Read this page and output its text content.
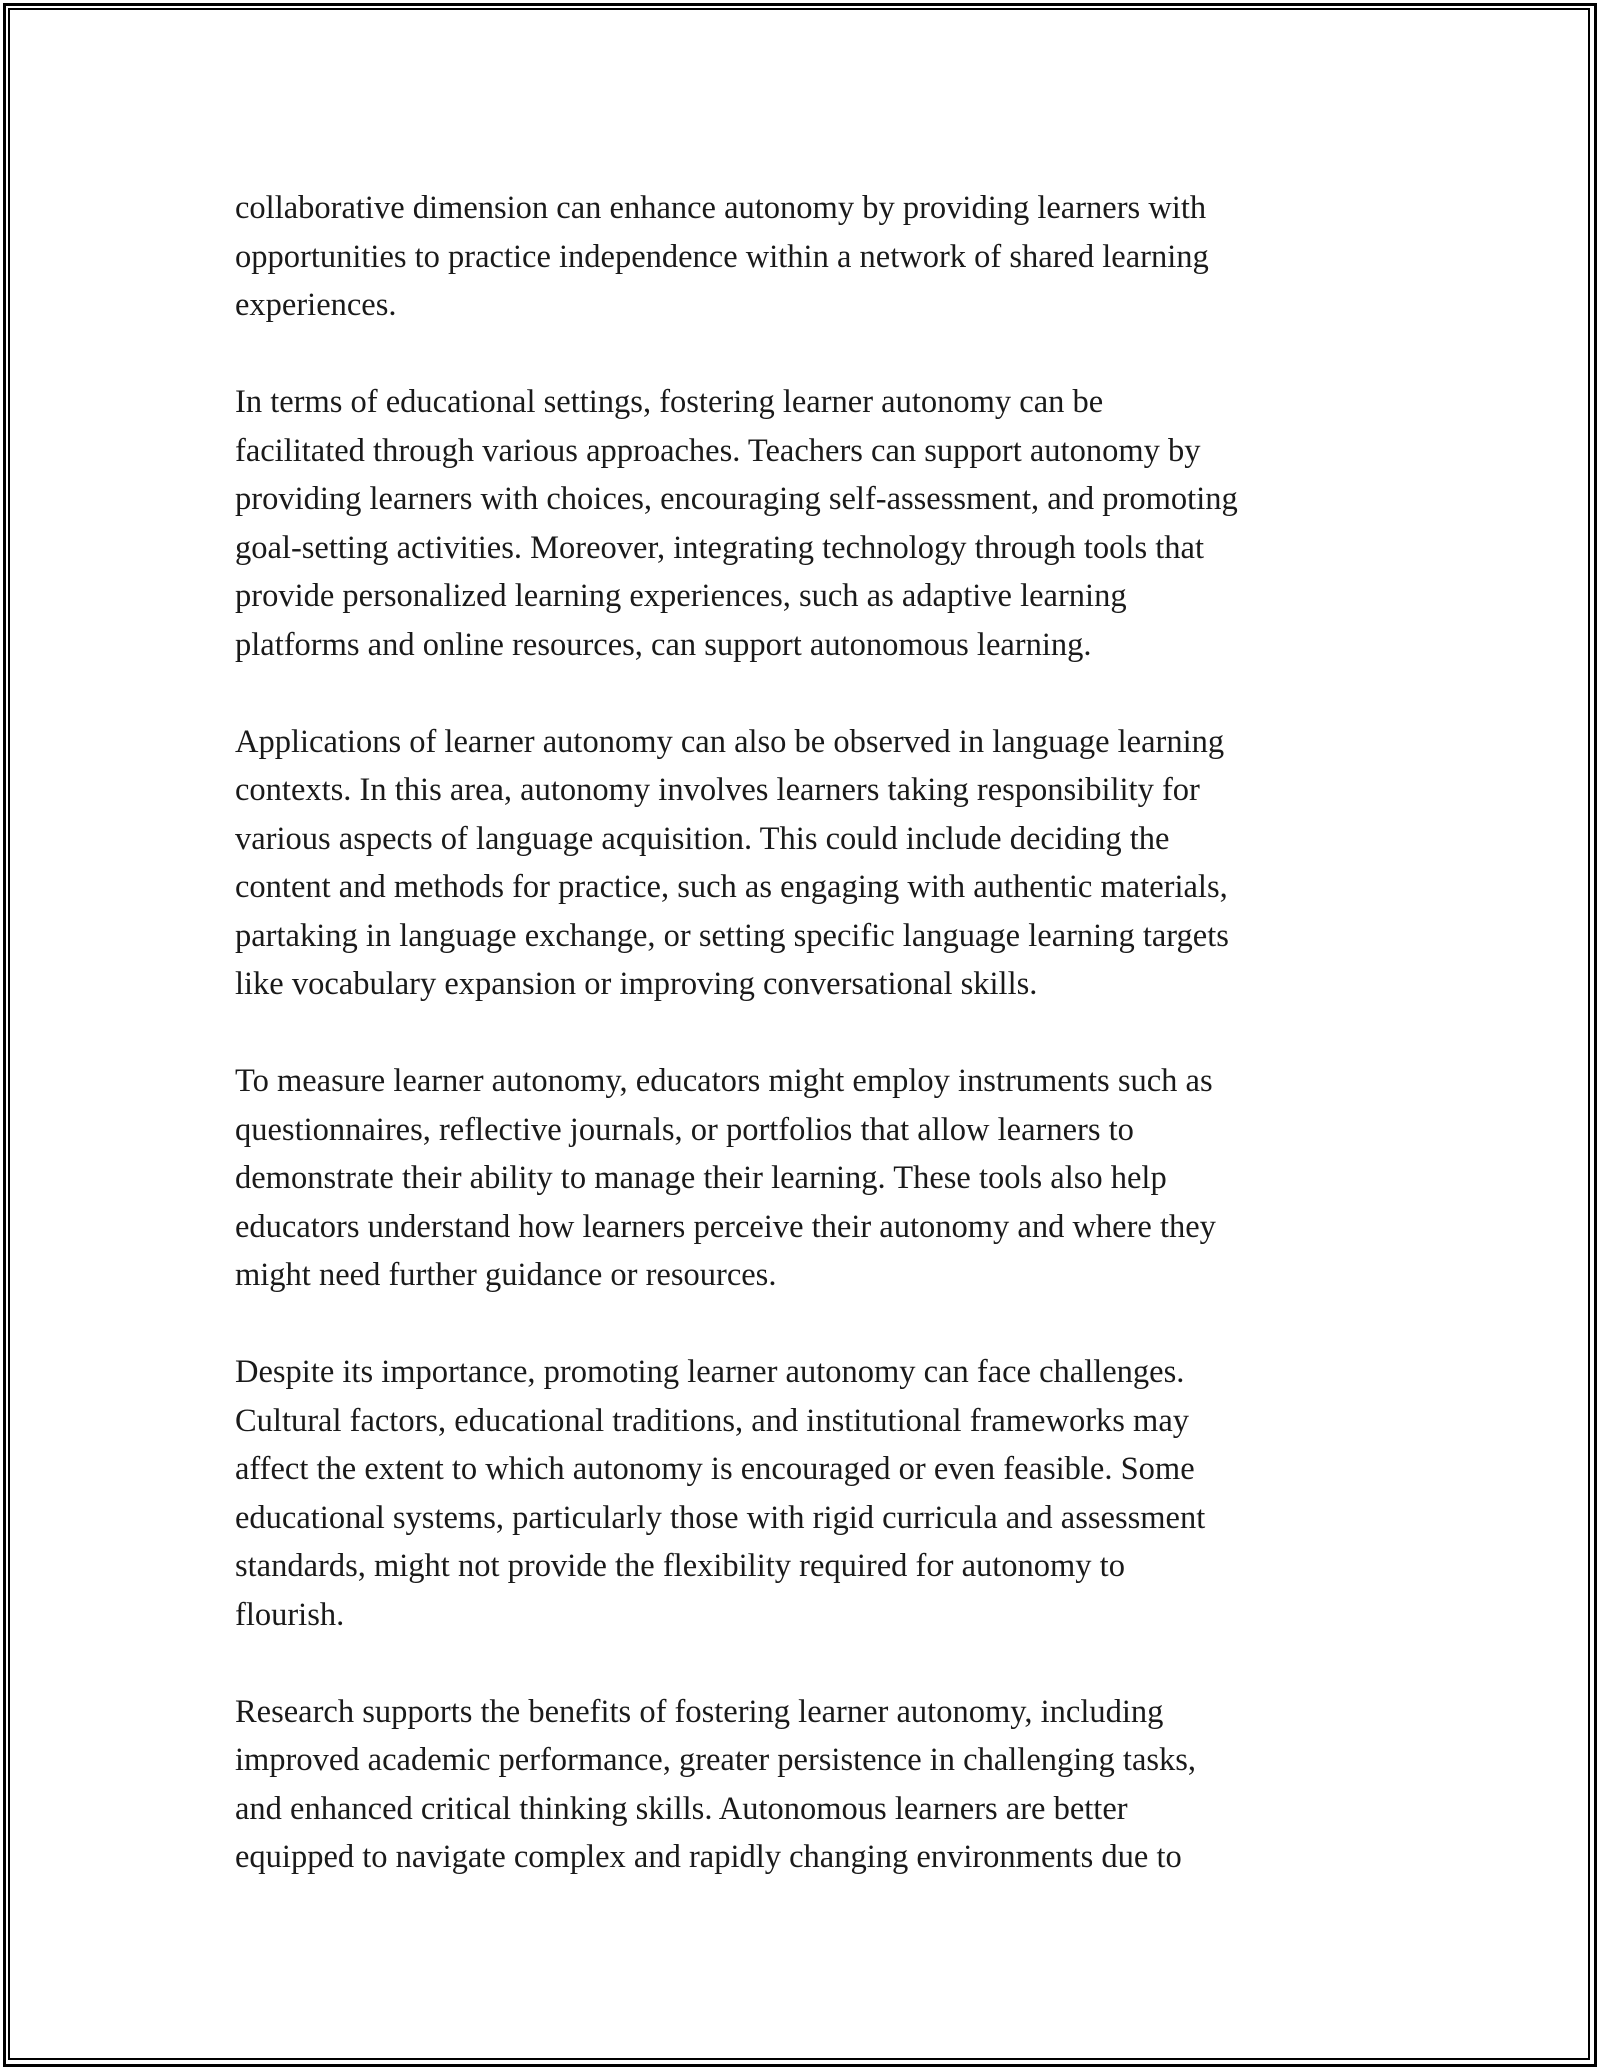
collaborative dimension can enhance autonomy by providing learners with
opportunities to practice independence within a network of shared learning
experiences.

In terms of educational settings, fostering learner autonomy can be
facilitated through various approaches. Teachers can support autonomy by
providing learners with choices, encouraging self-assessment, and promoting
goal-setting activities. Moreover, integrating technology through tools that
provide personalized learning experiences, such as adaptive learning
platforms and online resources, can support autonomous learning.

Applications of learner autonomy can also be observed in language learning
contexts. In this area, autonomy involves learners taking responsibility for
various aspects of language acquisition. This could include deciding the
content and methods for practice, such as engaging with authentic materials,
partaking in language exchange, or setting specific language learning targets
like vocabulary expansion or improving conversational skills.

To measure learner autonomy, educators might employ instruments such as
questionnaires, reflective journals, or portfolios that allow learners to
demonstrate their ability to manage their learning. These tools also help
educators understand how learners perceive their autonomy and where they
might need further guidance or resources.

Despite its importance, promoting learner autonomy can face challenges.
Cultural factors, educational traditions, and institutional frameworks may
affect the extent to which autonomy is encouraged or even feasible. Some
educational systems, particularly those with rigid curricula and assessment
standards, might not provide the flexibility required for autonomy to
flourish.

Research supports the benefits of fostering learner autonomy, including
improved academic performance, greater persistence in challenging tasks,
and enhanced critical thinking skills. Autonomous learners are better
equipped to navigate complex and rapidly changing environments due to
